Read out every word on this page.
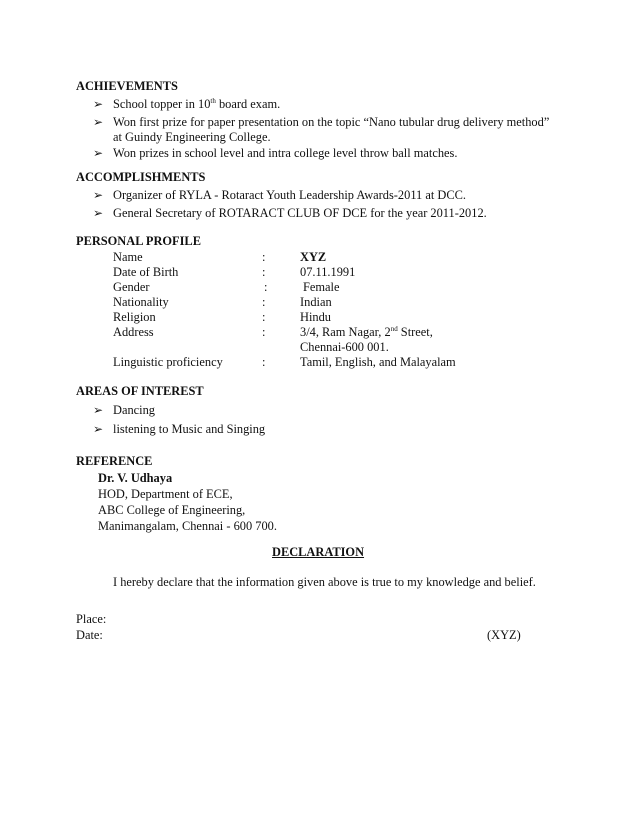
ACHIEVEMENTS
➢ School topper in 10th board exam.
➢ Won first prize for paper presentation on the topic “Nano tubular drug delivery method”
at Guindy Engineering College.
➢ Won prizes in school level and intra college level throw ball matches.
ACCOMPLISHMENTS
➢ Organizer of RYLA - Rotaract Youth Leadership Awards-2011 at DCC.
➢ General Secretary of ROTARACT CLUB OF DCE for the year 2011-2012.
PERSONAL PROFILE
Name	:	XYZ
Date of Birth	:	07.11.1991
Gender	:	Female
Nationality	:	Indian
Religion	:	Hindu
Address	:	3/4, Ram Nagar, 2nd Street,
Chennai-600 001.
Linguistic proficiency	:	Tamil, English, and Malayalam
AREAS OF INTEREST
➢ Dancing
➢ listening to Music and Singing
REFERENCE
Dr. V. Udhaya
HOD, Department of ECE,
ABC College of Engineering,
Manimangalam, Chennai - 600 700.
DECLARATION
I hereby declare that the information given above is true to my knowledge and belief.
Place:
Date:	(XYZ)
